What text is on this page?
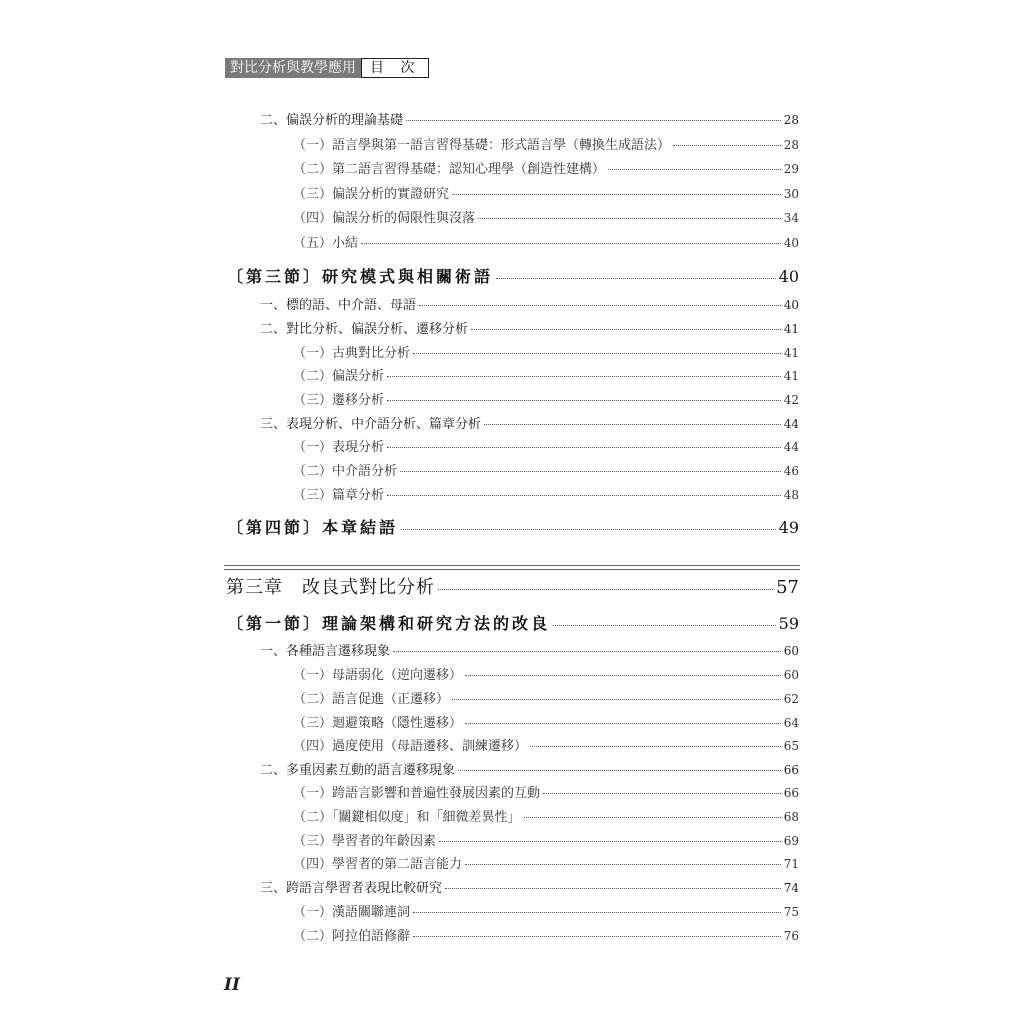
對比分析與教學應用	目 次
二、偏誤分析的理論基礎	28
（一）語言學與第一語言習得基礎：形式語言學（轉換生成語法）	28
（二）第二語言習得基礎：認知心理學（創造性建構）	29
（三）偏誤分析的實證研究	30
（四）偏誤分析的侷限性與沒落	34
（五）小結	40
〔第三節〕研究模式與相關術語	40
一、標的語、中介語、母語	40
二、對比分析、偏誤分析、遷移分析	41
（一）古典對比分析	41
（二）偏誤分析	41
（三）遷移分析	42
三、表現分析、中介語分析、篇章分析	44
（一）表現分析	44
（二）中介語分析	46
（三）篇章分析	48
〔第四節〕本章結語	49
第三章　改良式對比分析	57
〔第一節〕理論架構和研究方法的改良	59
一、各種語言遷移現象	60
（一）母語弱化（逆向遷移）	60
（二）語言促進（正遷移）	62
（三）迴避策略（隱性遷移）	64
（四）過度使用（母語遷移、訓練遷移）	65
二、多重因素互動的語言遷移現象	66
（一）跨語言影響和普遍性發展因素的互動	66
（二）「關鍵相似度」和「細微差異性」	68
（三）學習者的年齡因素	69
（四）學習者的第二語言能力	71
三、跨語言學習者表現比較研究	74
（一）漢語關聯連詞	75
（二）阿拉伯語修辭	76
II
